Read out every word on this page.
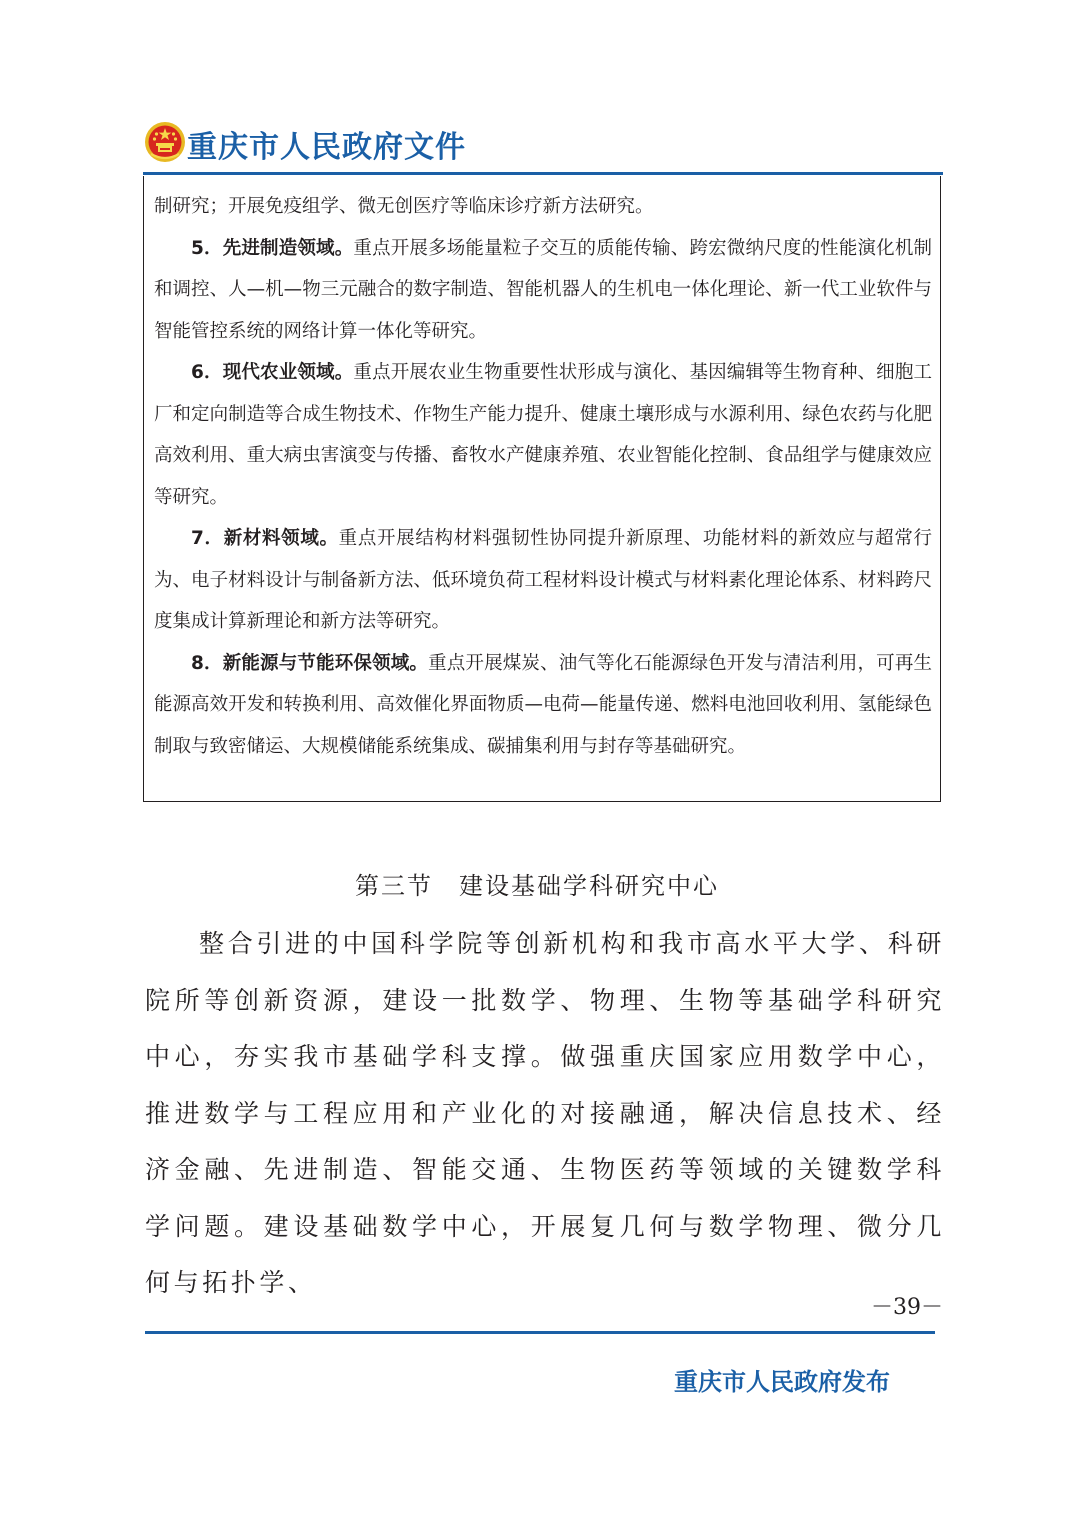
重庆市人民政府文件

制研究；开展免疫组学、微无创医疗等临床诊疗新方法研究。

5．先进制造领域。重点开展多场能量粒子交互的质能传输、跨宏微纳尺度的性能演化机制和调控、人—机—物三元融合的数字制造、智能机器人的生机电一体化理论、新一代工业软件与智能管控系统的网络计算一体化等研究。

6．现代农业领域。重点开展农业生物重要性状形成与演化、基因编辑等生物育种、细胞工厂和定向制造等合成生物技术、作物生产能力提升、健康土壤形成与水源利用、绿色农药与化肥高效利用、重大病虫害演变与传播、畜牧水产健康养殖、农业智能化控制、食品组学与健康效应等研究。

7．新材料领域。重点开展结构材料强韧性协同提升新原理、功能材料的新效应与超常行为、电子材料设计与制备新方法、低环境负荷工程材料设计模式与材料素化理论体系、材料跨尺度集成计算新理论和新方法等研究。

8．新能源与节能环保领域。重点开展煤炭、油气等化石能源绿色开发与清洁利用，可再生能源高效开发和转换利用、高效催化界面物质—电荷—能量传递、燃料电池回收利用、氢能绿色制取与致密储运、大规模储能系统集成、碳捕集利用与封存等基础研究。

第三节　建设基础学科研究中心

整合引进的中国科学院等创新机构和我市高水平大学、科研院所等创新资源，建设一批数学、物理、生物等基础学科研究中心，夯实我市基础学科支撑。做强重庆国家应用数学中心，推进数学与工程应用和产业化的对接融通，解决信息技术、经济金融、先进制造、智能交通、生物医药等领域的关键数学科学问题。建设基础数学中心，开展复几何与数学物理、微分几何与拓扑学、

－39－
重庆市人民政府发布
